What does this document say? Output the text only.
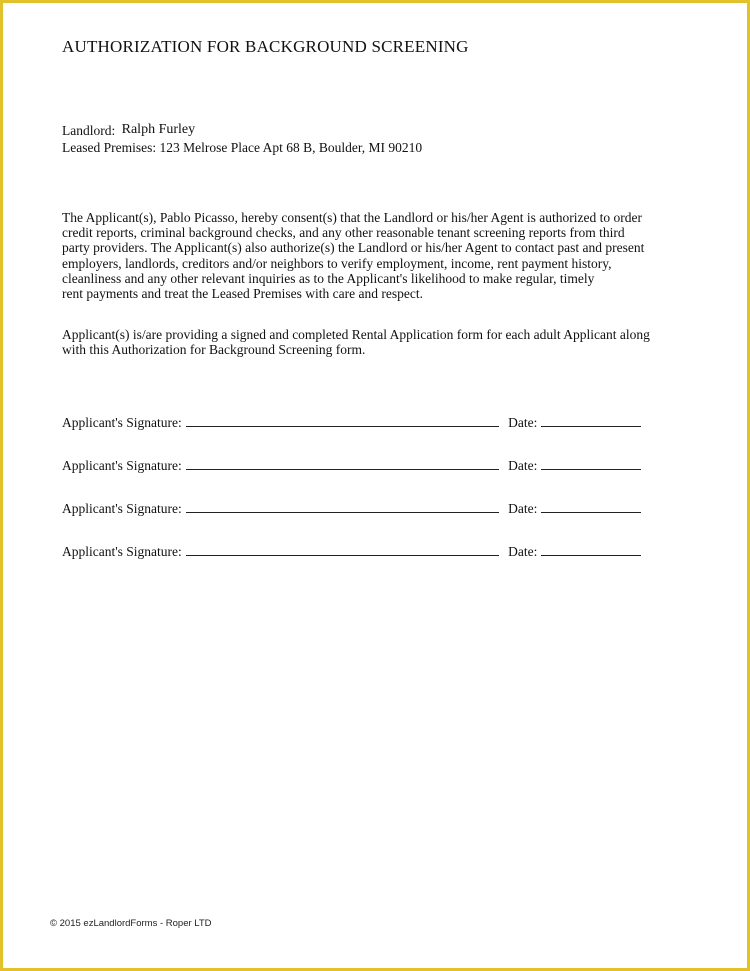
AUTHORIZATION FOR BACKGROUND SCREENING
Landlord: Ralph Furley
Leased Premises: 123 Melrose Place Apt 68 B, Boulder, MI 90210
The Applicant(s), Pablo Picasso, hereby consent(s) that the Landlord or his/her Agent is authorized to order
credit reports, criminal background checks, and any other reasonable tenant screening reports from third
party providers. The Applicant(s) also authorize(s) the Landlord or his/her Agent to contact past and present
employers, landlords, creditors and/or neighbors to verify employment, income, rent payment history,
cleanliness and any other relevant inquiries as to the Applicant's likelihood to make regular, timely
rent payments and treat the Leased Premises with care and respect.
Applicant(s) is/are providing a signed and completed Rental Application form for each adult Applicant along
with this Authorization for Background Screening form.
Applicant's Signature:	Date:
Applicant's Signature:	Date:
Applicant's Signature:	Date:
Applicant's Signature:	Date:
© 2015 ezLandlordForms - Roper LTD
